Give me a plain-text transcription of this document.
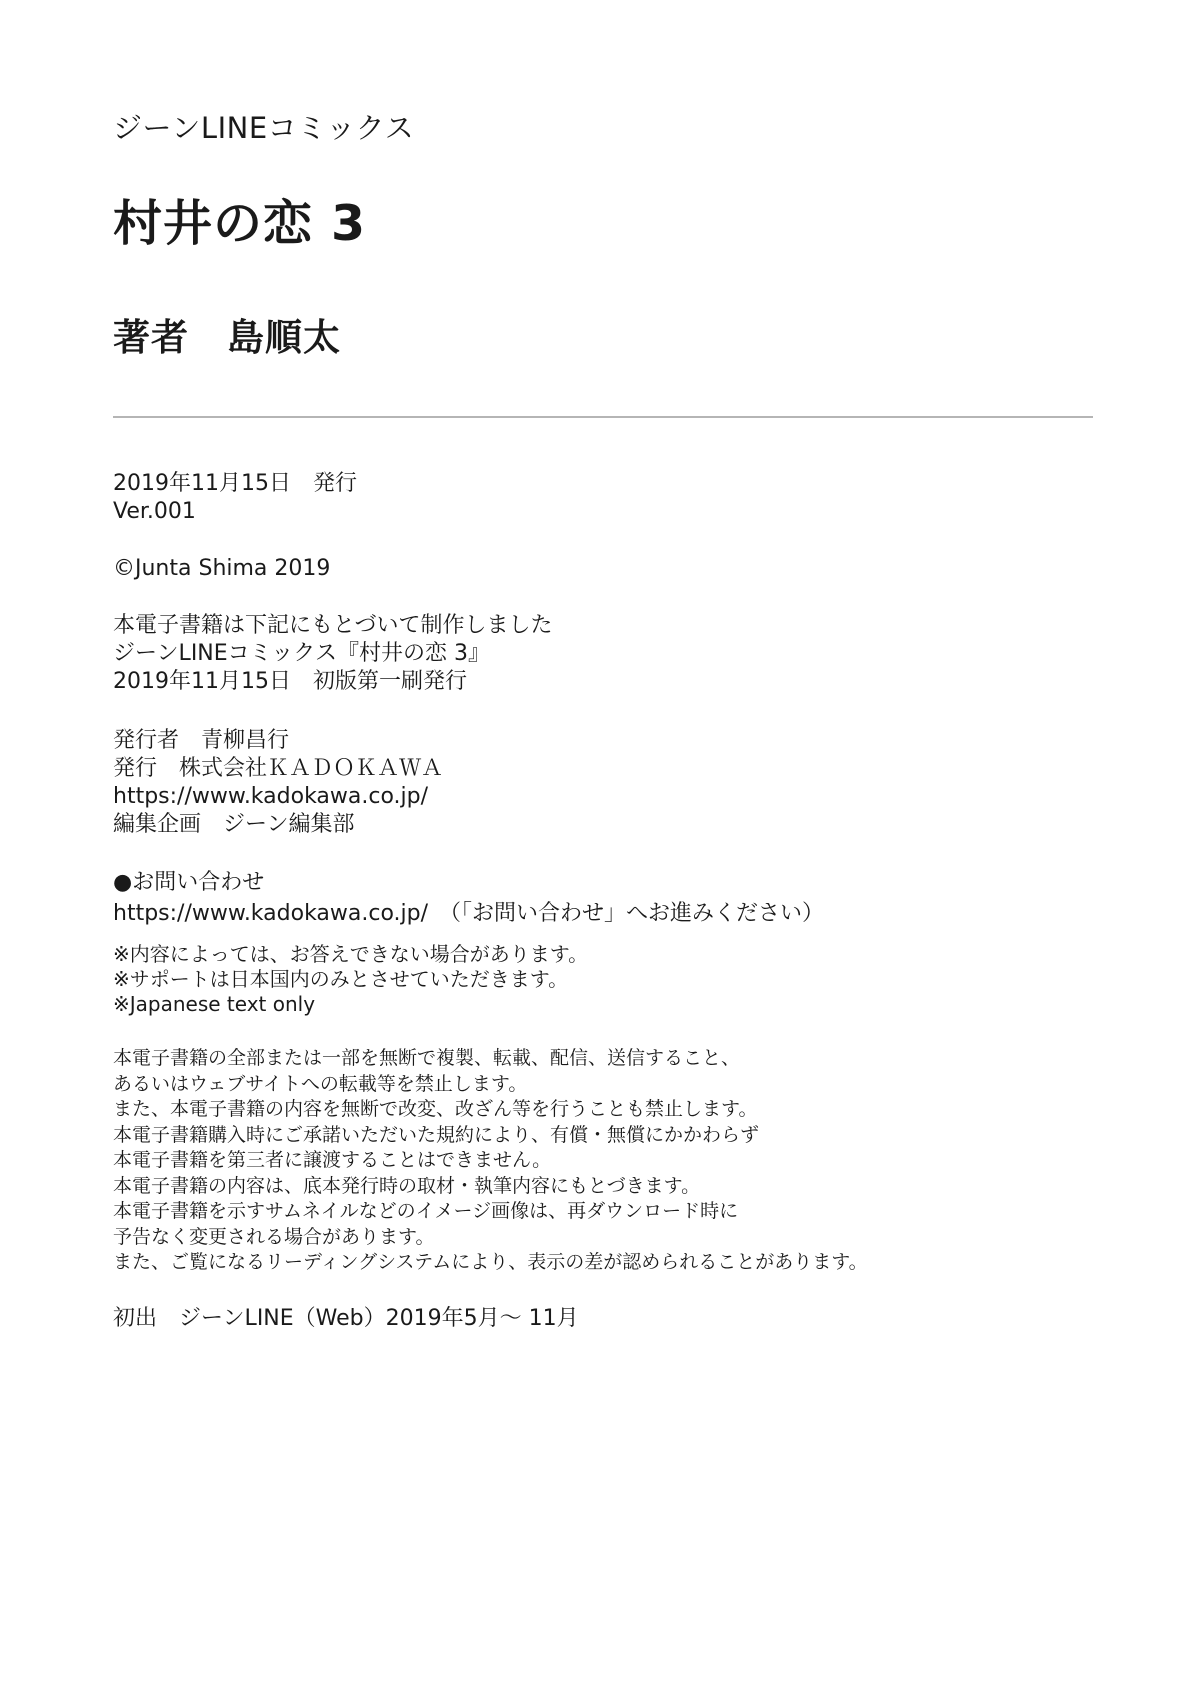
ジーンLINEコミックス
村井の恋 3
著者　島順太
2019年11月15日　発行
Ver.001
©Junta Shima 2019
本電子書籍は下記にもとづいて制作しました
ジーンLINEコミックス『村井の恋 3』
2019年11月15日　初版第一刷発行
発行者　青柳昌行
発行　株式会社ＫＡＤＯＫＡＷＡ
https://www.kadokawa.co.jp/
編集企画　ジーン編集部
●お問い合わせ
https://www.kadokawa.co.jp/　（「お問い合わせ」へお進みください）
※内容によっては、お答えできない場合があります。
※サポートは日本国内のみとさせていただきます。
※Japanese text only
本電子書籍の全部または一部を無断で複製、転載、配信、送信すること、
あるいはウェブサイトへの転載等を禁止します。
また、本電子書籍の内容を無断で改変、改ざん等を行うことも禁止します。
本電子書籍購入時にご承諾いただいた規約により、有償・無償にかかわらず
本電子書籍を第三者に譲渡することはできません。
本電子書籍の内容は、底本発行時の取材・執筆内容にもとづきます。
本電子書籍を示すサムネイルなどのイメージ画像は、再ダウンロード時に
予告なく変更される場合があります。
また、ご覧になるリーディングシステムにより、表示の差が認められることがあります。
初出　ジーンLINE（Web）2019年5月～ 11月
